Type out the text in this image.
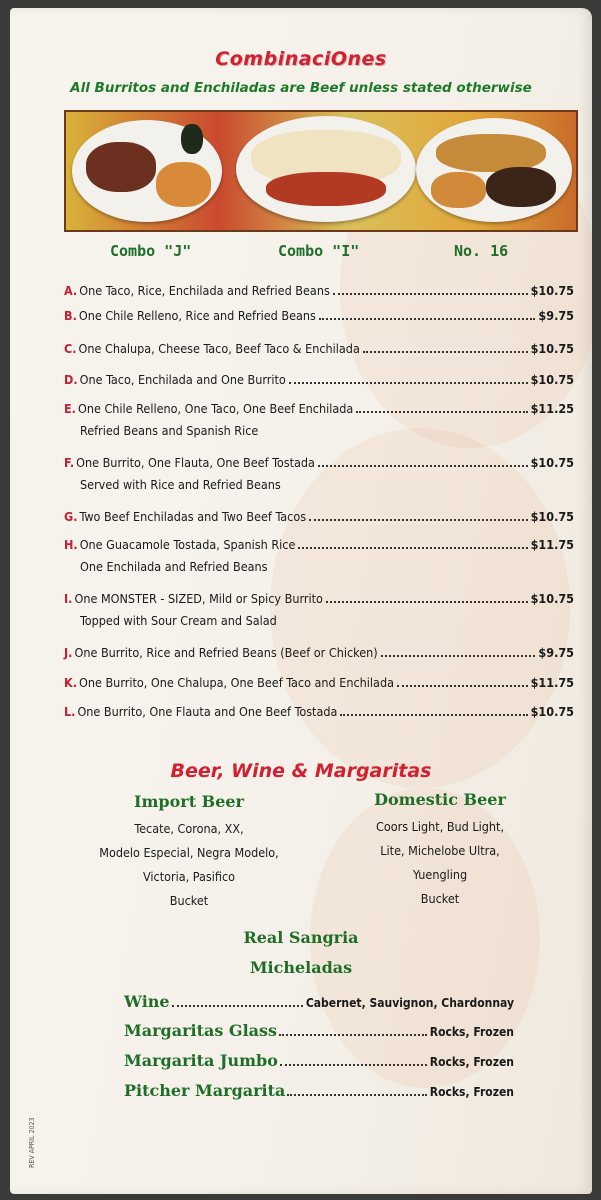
CombinaciOnes
All Burritos and Enchiladas are Beef unless stated otherwise
Combo "J"	Combo "I"	No. 16
A. One Taco, Rice, Enchilada and Refried Beans	$10.75
B. One Chile Relleno, Rice and Refried Beans	$9.75
C. One Chalupa, Cheese Taco, Beef Taco & Enchilada	$10.75
D. One Taco, Enchilada and One Burrito	$10.75
E. One Chile Relleno, One Taco, One Beef Enchilada	$11.25
Refried Beans and Spanish Rice
F. One Burrito, One Flauta, One Beef Tostada	$10.75
Served with Rice and Refried Beans
G. Two Beef Enchiladas and Two Beef Tacos	$10.75
H. One Guacamole Tostada, Spanish Rice	$11.75
One Enchilada and Refried Beans
I. One MONSTER - SIZED, Mild or Spicy Burrito	$10.75
Topped with Sour Cream and Salad
J. One Burrito, Rice and Refried Beans (Beef or Chicken)	$9.75
K. One Burrito, One Chalupa, One Beef Taco and Enchilada	$11.75
L. One Burrito, One Flauta and One Beef Tostada	$10.75
Beer, Wine & Margaritas
Import Beer
Tecate, Corona, XX,
Modelo Especial, Negra Modelo,
Victoria, Pasifico
Bucket
Domestic Beer
Coors Light, Bud Light,
Lite, Michelobe Ultra,
Yuengling
Bucket
Real Sangria
Micheladas
Wine	Cabernet, Sauvignon, Chardonnay
Margaritas Glass	Rocks, Frozen
Margarita Jumbo	Rocks, Frozen
Pitcher Margarita	Rocks, Frozen
REV APRIL 2023
